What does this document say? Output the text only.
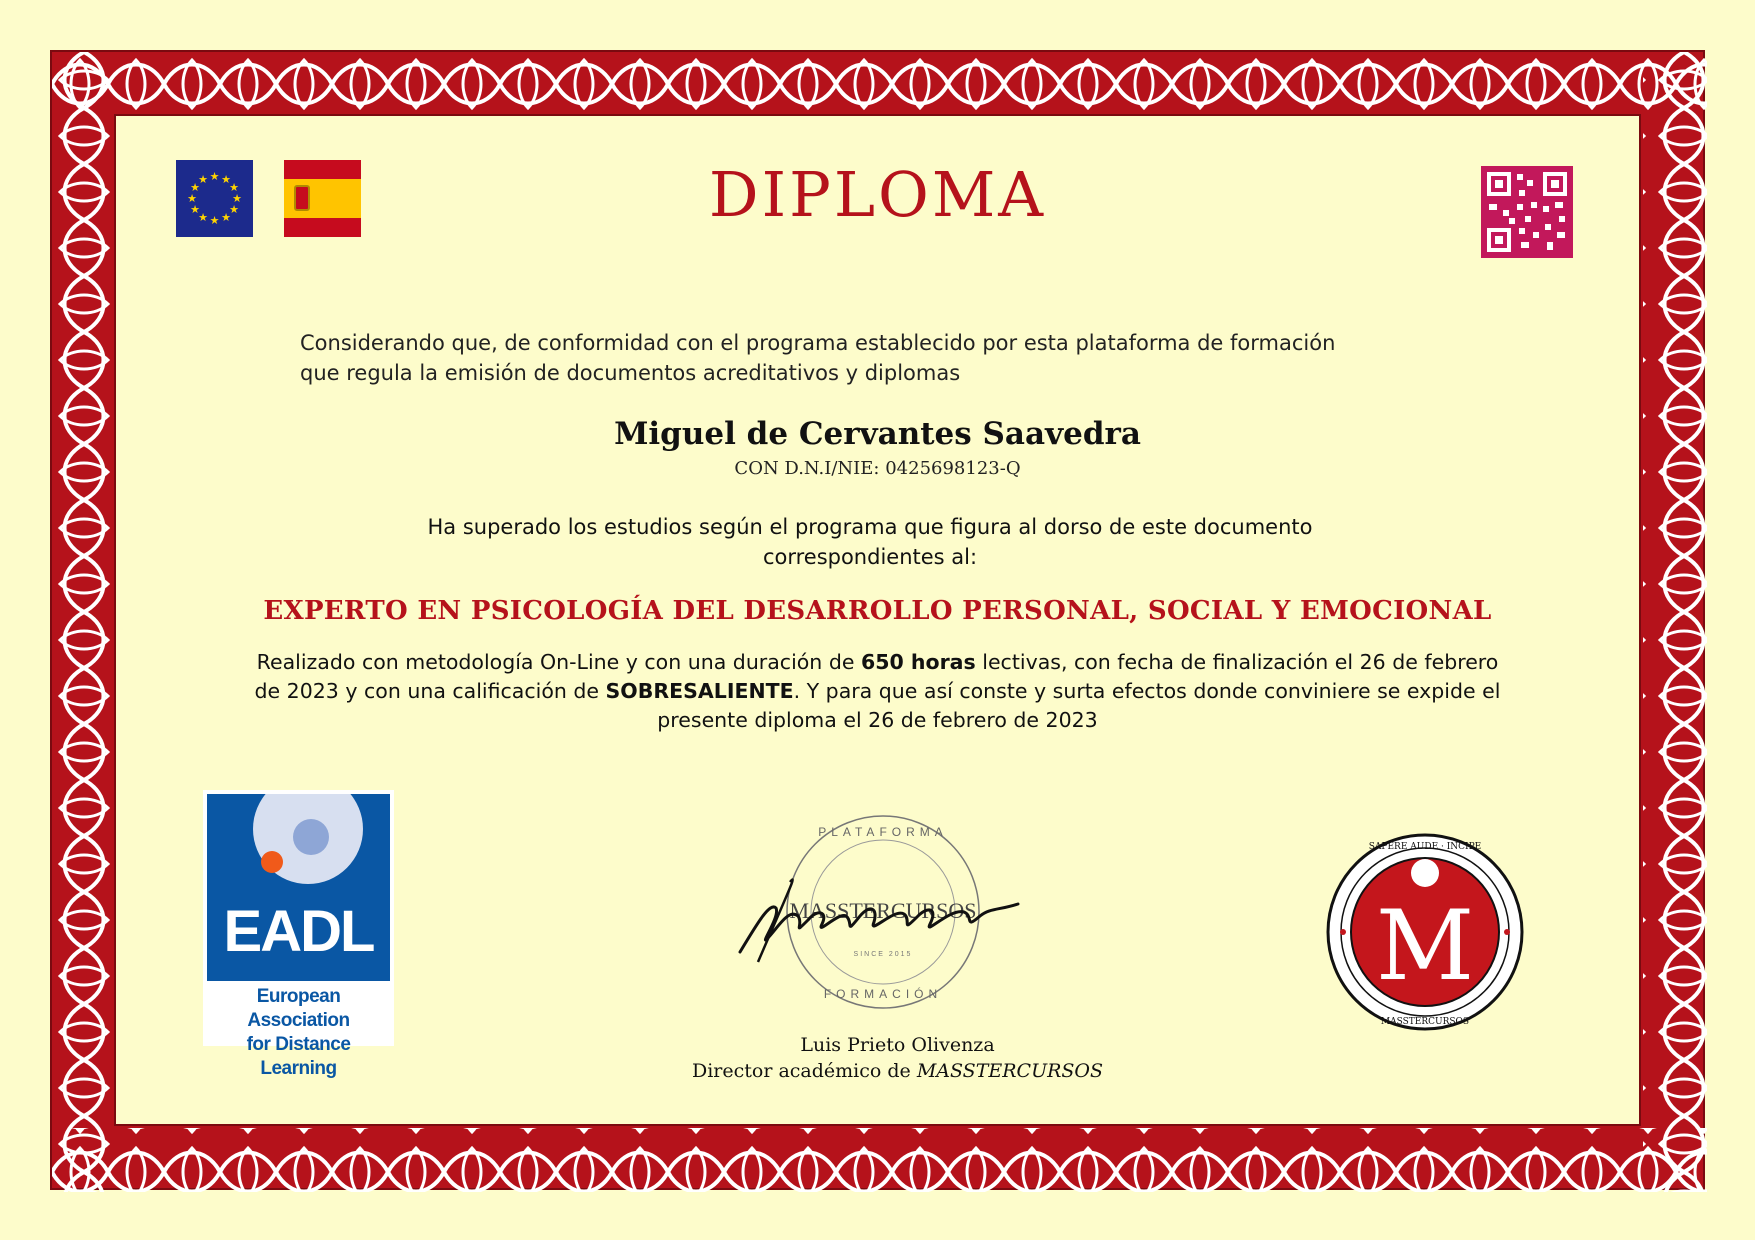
★ ★
★
★
★
★
★
★
★
★
★
★	DIPLOMA
Considerando que, de conformidad con el programa establecido por esta plataforma de formación
que regula la emisión de documentos acreditativos y diplomas
Miguel de Cervantes Saavedra
CON D.N.I/NIE: 0425698123-Q
Ha superado los estudios según el programa que figura al dorso de este documento
correspondientes al:
EXPERTO EN PSICOLOGÍA DEL DESARROLLO PERSONAL, SOCIAL Y EMOCIONAL
Realizado con metodología On-Line y con una duración de 650 horas lectivas, con fecha de finalización el 26 de febrero de 2023 y con una calificación de SOBRESALIENTE. Y para que así conste y surta efectos donde conviniere se expide el presente diploma el 26 de febrero de 2023
EADL
European Association
for Distance Learning
PLATAFORMA
MASSTERCURSOS
SINCE 2015
FORMACIÓN
Luis Prieto Olivenza
Director académico de MASSTERCURSOS
M
SAPERE AUDE · INCIPE
MASSTERCURSOS
